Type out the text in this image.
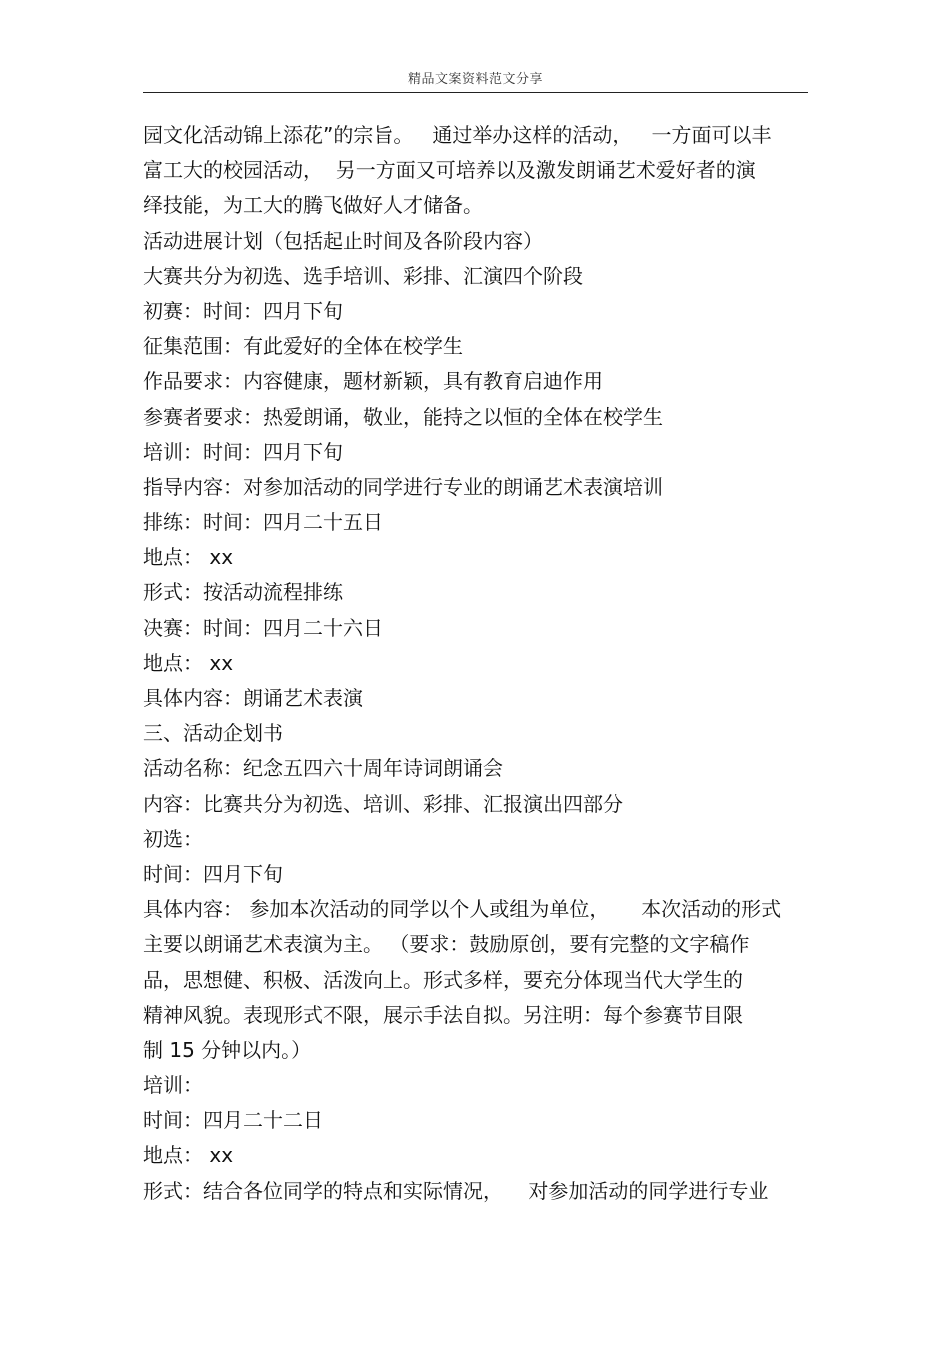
精品文案资料范文分享
园文化活动锦上添花”的宗旨。   通过举办这样的活动，   一方面可以丰
富工大的校园活动，  另一方面又可培养以及激发朗诵艺术爱好者的演
绎技能，为工大的腾飞做好人才储备。
活动进展计划（包括起止时间及各阶段内容）
大赛共分为初选、选手培训、彩排、汇演四个阶段
初赛：时间：四月下旬
征集范围：有此爱好的全体在校学生
作品要求：内容健康，题材新颖，具有教育启迪作用
参赛者要求：热爱朗诵，敬业，能持之以恒的全体在校学生
培训：时间：四月下旬
指导内容：对参加活动的同学进行专业的朗诵艺术表演培训
排练：时间：四月二十五日
地点： xx
形式：按活动流程排练
决赛：时间：四月二十六日
地点： xx
具体内容：朗诵艺术表演
三、活动企划书
活动名称：纪念五四六十周年诗词朗诵会
内容：比赛共分为初选、培训、彩排、汇报演出四部分
初选：
时间：四月下旬
具体内容： 参加本次活动的同学以个人或组为单位，     本次活动的形式
主要以朗诵艺术表演为主。 （要求：鼓励原创，要有完整的文字稿作
品，思想健、积极、活泼向上。形式多样，要充分体现当代大学生的
精神风貌。表现形式不限，展示手法自拟。另注明：每个参赛节目限
制 15 分钟以内。）
培训：
时间：四月二十二日
地点： xx
形式：结合各位同学的特点和实际情况，    对参加活动的同学进行专业
